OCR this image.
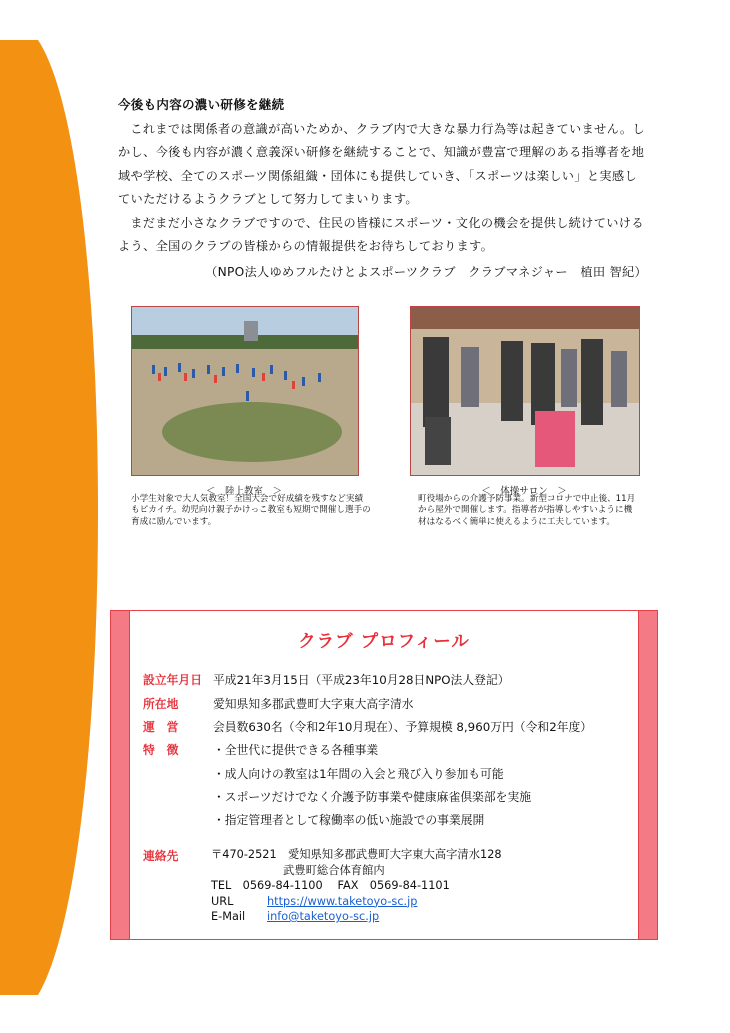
今後も内容の濃い研修を継続

これまでは関係者の意識が高いためか、クラブ内で大きな暴力行為等は起きていません。しかし、今後も内容が濃く意義深い研修を継続することで、知識が豊富で理解のある指導者を地域や学校、全てのスポーツ関係組織・団体にも提供していき、「スポーツは楽しい」と実感していただけるようクラブとして努力してまいります。

まだまだ小さなクラブですので、住民の皆様にスポーツ・文化の機会を提供し続けていけるよう、全国のクラブの皆様からの情報提供をお待ちしております。

（NPO法人ゆめフルたけとよスポーツクラブ　クラブマネジャー　植田 智紀）
＜　陸上教室　＞
小学生対象で大人気教室！全国大会で好成績を残すなど実績もピカイチ。幼児向け親子かけっこ教室も短期で開催し選手の育成に励んでいます。
＜　体操サロン　＞
町役場からの介護予防事業。新型コロナで中止後、11月から屋外で開催します。指導者が指導しやすいように機材はなるべく簡単に使えるように工夫しています。
クラブ プロフィール
設立年月日 平成21年3月15日（平成23年10月28日NPO法人登記）
所在地	愛知県知多郡武豊町大字東大高字清水
運　営	会員数630名（令和2年10月現在）、予算規模 8,960万円（令和2年度）
特　徴	・全世代に提供できる各種事業
・成人向けの教室は1年間の入会と飛び入り参加も可能
・スポーツだけでなく介護予防事業や健康麻雀倶楽部を実施
・指定管理者として稼働率の低い施設での事業展開
連絡先	〒470-2521　愛知県知多郡武豊町大字東大高字清水128
武豊町総合体育館内
TEL　0569-84-1100　 FAX　0569-84-1101
URL	https://www.taketoyo-sc.jp
E-Mail info@taketoyo-sc.jp
